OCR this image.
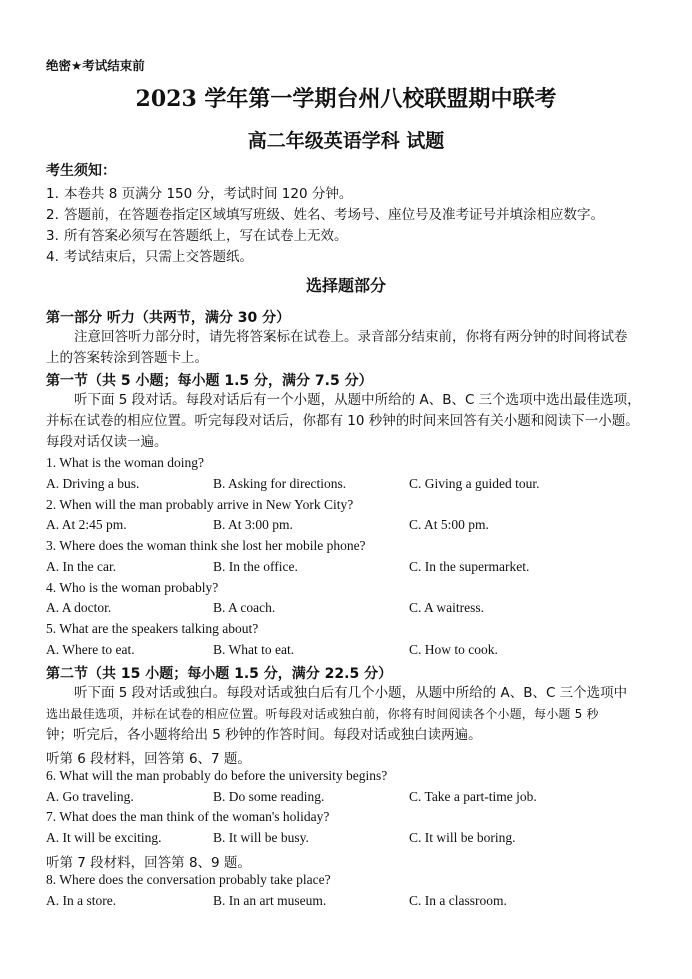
绝密★考试结束前
2023 学年第一学期台州八校联盟期中联考
高二年级英语学科 试题
考生须知：
1. 本卷共 8 页满分 150 分，考试时间 120 分钟。
2. 答题前，在答题卷指定区域填写班级、姓名、考场号、座位号及准考证号并填涂相应数字。
3. 所有答案必须写在答题纸上，写在试卷上无效。
4. 考试结束后，只需上交答题纸。
选择题部分
第一部分 听力（共两节，满分 30 分）
注意回答听力部分时，请先将答案标在试卷上。录音部分结束前，你将有两分钟的时间将试卷
上的答案转涂到答题卡上。
第一节（共 5 小题；每小题 1.5 分，满分 7.5 分）
听下面 5 段对话。每段对话后有一个小题，从题中所给的 A、B、C 三个选项中选出最佳选项，
并标在试卷的相应位置。听完每段对话后，你都有 10 秒钟的时间来回答有关小题和阅读下一小题。
每段对话仅读一遍。
1. What is the woman doing?
A. Driving a bus.	B. Asking for directions.	C. Giving a guided tour.
2. When will the man probably arrive in New York City?
A. At 2:45 pm.	B. At 3:00 pm.	C. At 5:00 pm.
3. Where does the woman think she lost her mobile phone?
A. In the car.	B. In the office.	C. In the supermarket.
4. Who is the woman probably?
A. A doctor.	B. A coach.	C. A waitress.
5. What are the speakers talking about?
A. Where to eat.	B. What to eat.	C. How to cook.
第二节（共 15 小题；每小题 1.5 分，满分 22.5 分）
听下面 5 段对话或独白。每段对话或独白后有几个小题，从题中所给的 A、B、C 三个选项中
选出最佳选项，并标在试卷的相应位置。听每段对话或独白前，你将有时间阅读各个小题，每小题 5 秒
钟；听完后，各小题将给出 5 秒钟的作答时间。每段对话或独白读两遍。
听第 6 段材料，回答第 6、7 题。
6. What will the man probably do before the university begins?
A. Go traveling.	B. Do some reading.	C. Take a part-time job.
7. What does the man think of the woman's holiday?
A. It will be exciting.	B. It will be busy.	C. It will be boring.
听第 7 段材料，回答第 8、9 题。
8. Where does the conversation probably take place?
A. In a store.	B. In an art museum.	C. In a classroom.
